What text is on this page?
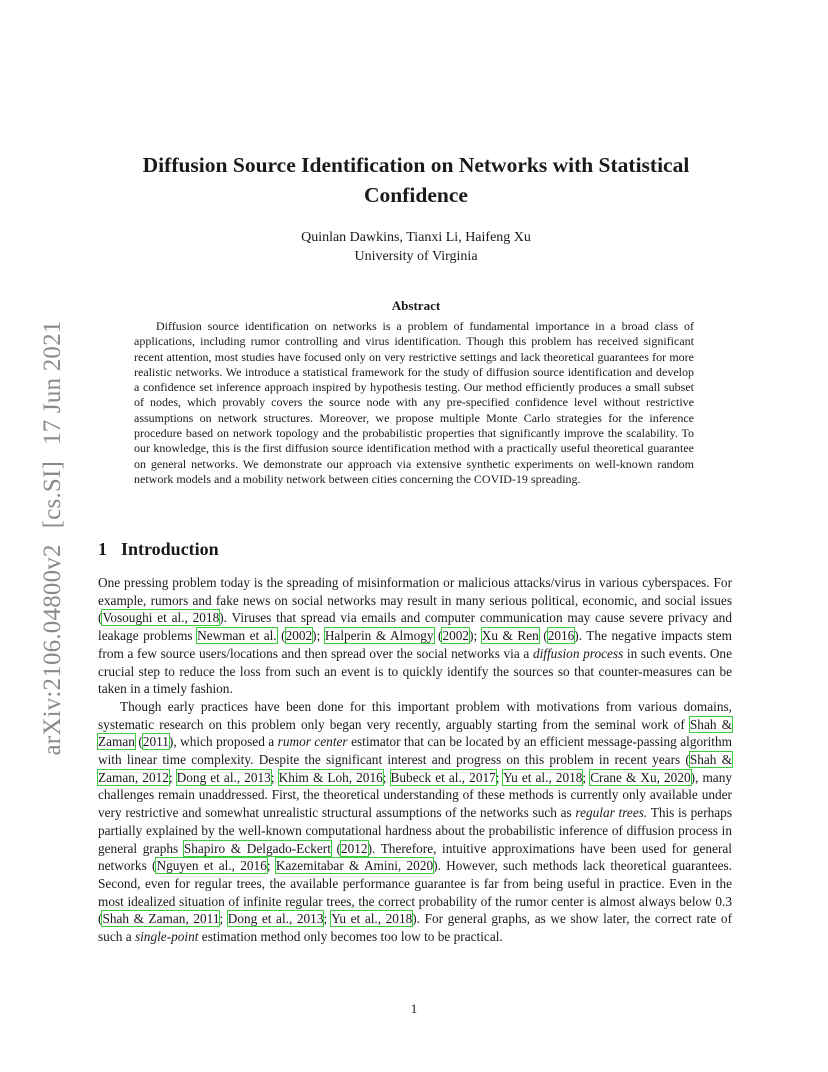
arXiv:2106.04800v2[cs.SI]17 Jun 2021
Diffusion Source Identification on Networks with Statistical Confidence
Quinlan Dawkins, Tianxi Li, Haifeng Xu
University of Virginia
Abstract

Diffusion source identification on networks is a problem of fundamental importance in a broad class of applications, including rumor controlling and virus identification. Though this problem has received significant recent attention, most studies have focused only on very restrictive settings and lack theoretical guarantees for more realistic networks. We introduce a statistical framework for the study of diffusion source identification and develop a confidence set inference approach inspired by hypothesis testing. Our method efficiently produces a small subset of nodes, which provably covers the source node with any pre-specified confidence level without restrictive assumptions on network structures. Moreover, we propose multiple Monte Carlo strategies for the inference procedure based on network topology and the probabilistic properties that significantly improve the scalability. To our knowledge, this is the first diffusion source identification method with a practically useful theoretical guarantee on general networks. We demonstrate our approach via extensive synthetic experiments on well-known random network models and a mobility network between cities concerning the COVID-19 spreading.

1 Introduction

One pressing problem today is the spreading of misinformation or malicious attacks/virus in various cyberspaces. For example, rumors and fake news on social networks may result in many serious political, economic, and social issues (Vosoughi et al., 2018). Viruses that spread via emails and computer communication may cause severe privacy and leakage problems Newman et al. (2002); Halperin & Almogy (2002); Xu & Ren (2016). The negative impacts stem from a few source users/locations and then spread over the social networks via a diffusion process in such events. One crucial step to reduce the loss from such an event is to quickly identify the sources so that counter-measures can be taken in a timely fashion.

Though early practices have been done for this important problem with motivations from various domains, systematic research on this problem only began very recently, arguably starting from the seminal work of Shah & Zaman (2011), which proposed a rumor center estimator that can be located by an efficient message-passing algorithm with linear time complexity. Despite the significant interest and progress on this problem in recent years (Shah & Zaman, 2012; Dong et al., 2013; Khim & Loh, 2016; Bubeck et al., 2017; Yu et al., 2018; Crane & Xu, 2020), many challenges remain unaddressed. First, the theoretical understanding of these methods is currently only available under very restrictive and somewhat unrealistic structural assumptions of the networks such as regular trees. This is perhaps partially explained by the well-known computational hardness about the probabilistic inference of diffusion process in general graphs Shapiro & Delgado-Eckert (2012). Therefore, intuitive approximations have been used for general networks (Nguyen et al., 2016; Kazemitabar & Amini, 2020). However, such methods lack theoretical guarantees. Second, even for regular trees, the available performance guarantee is far from being useful in practice. Even in the most idealized situation of infinite regular trees, the correct probability of the rumor center is almost always below 0.3 (Shah & Zaman, 2011; Dong et al., 2013; Yu et al., 2018). For general graphs, as we show later, the correct rate of such a single-point estimation method only becomes too low to be practical.

1
